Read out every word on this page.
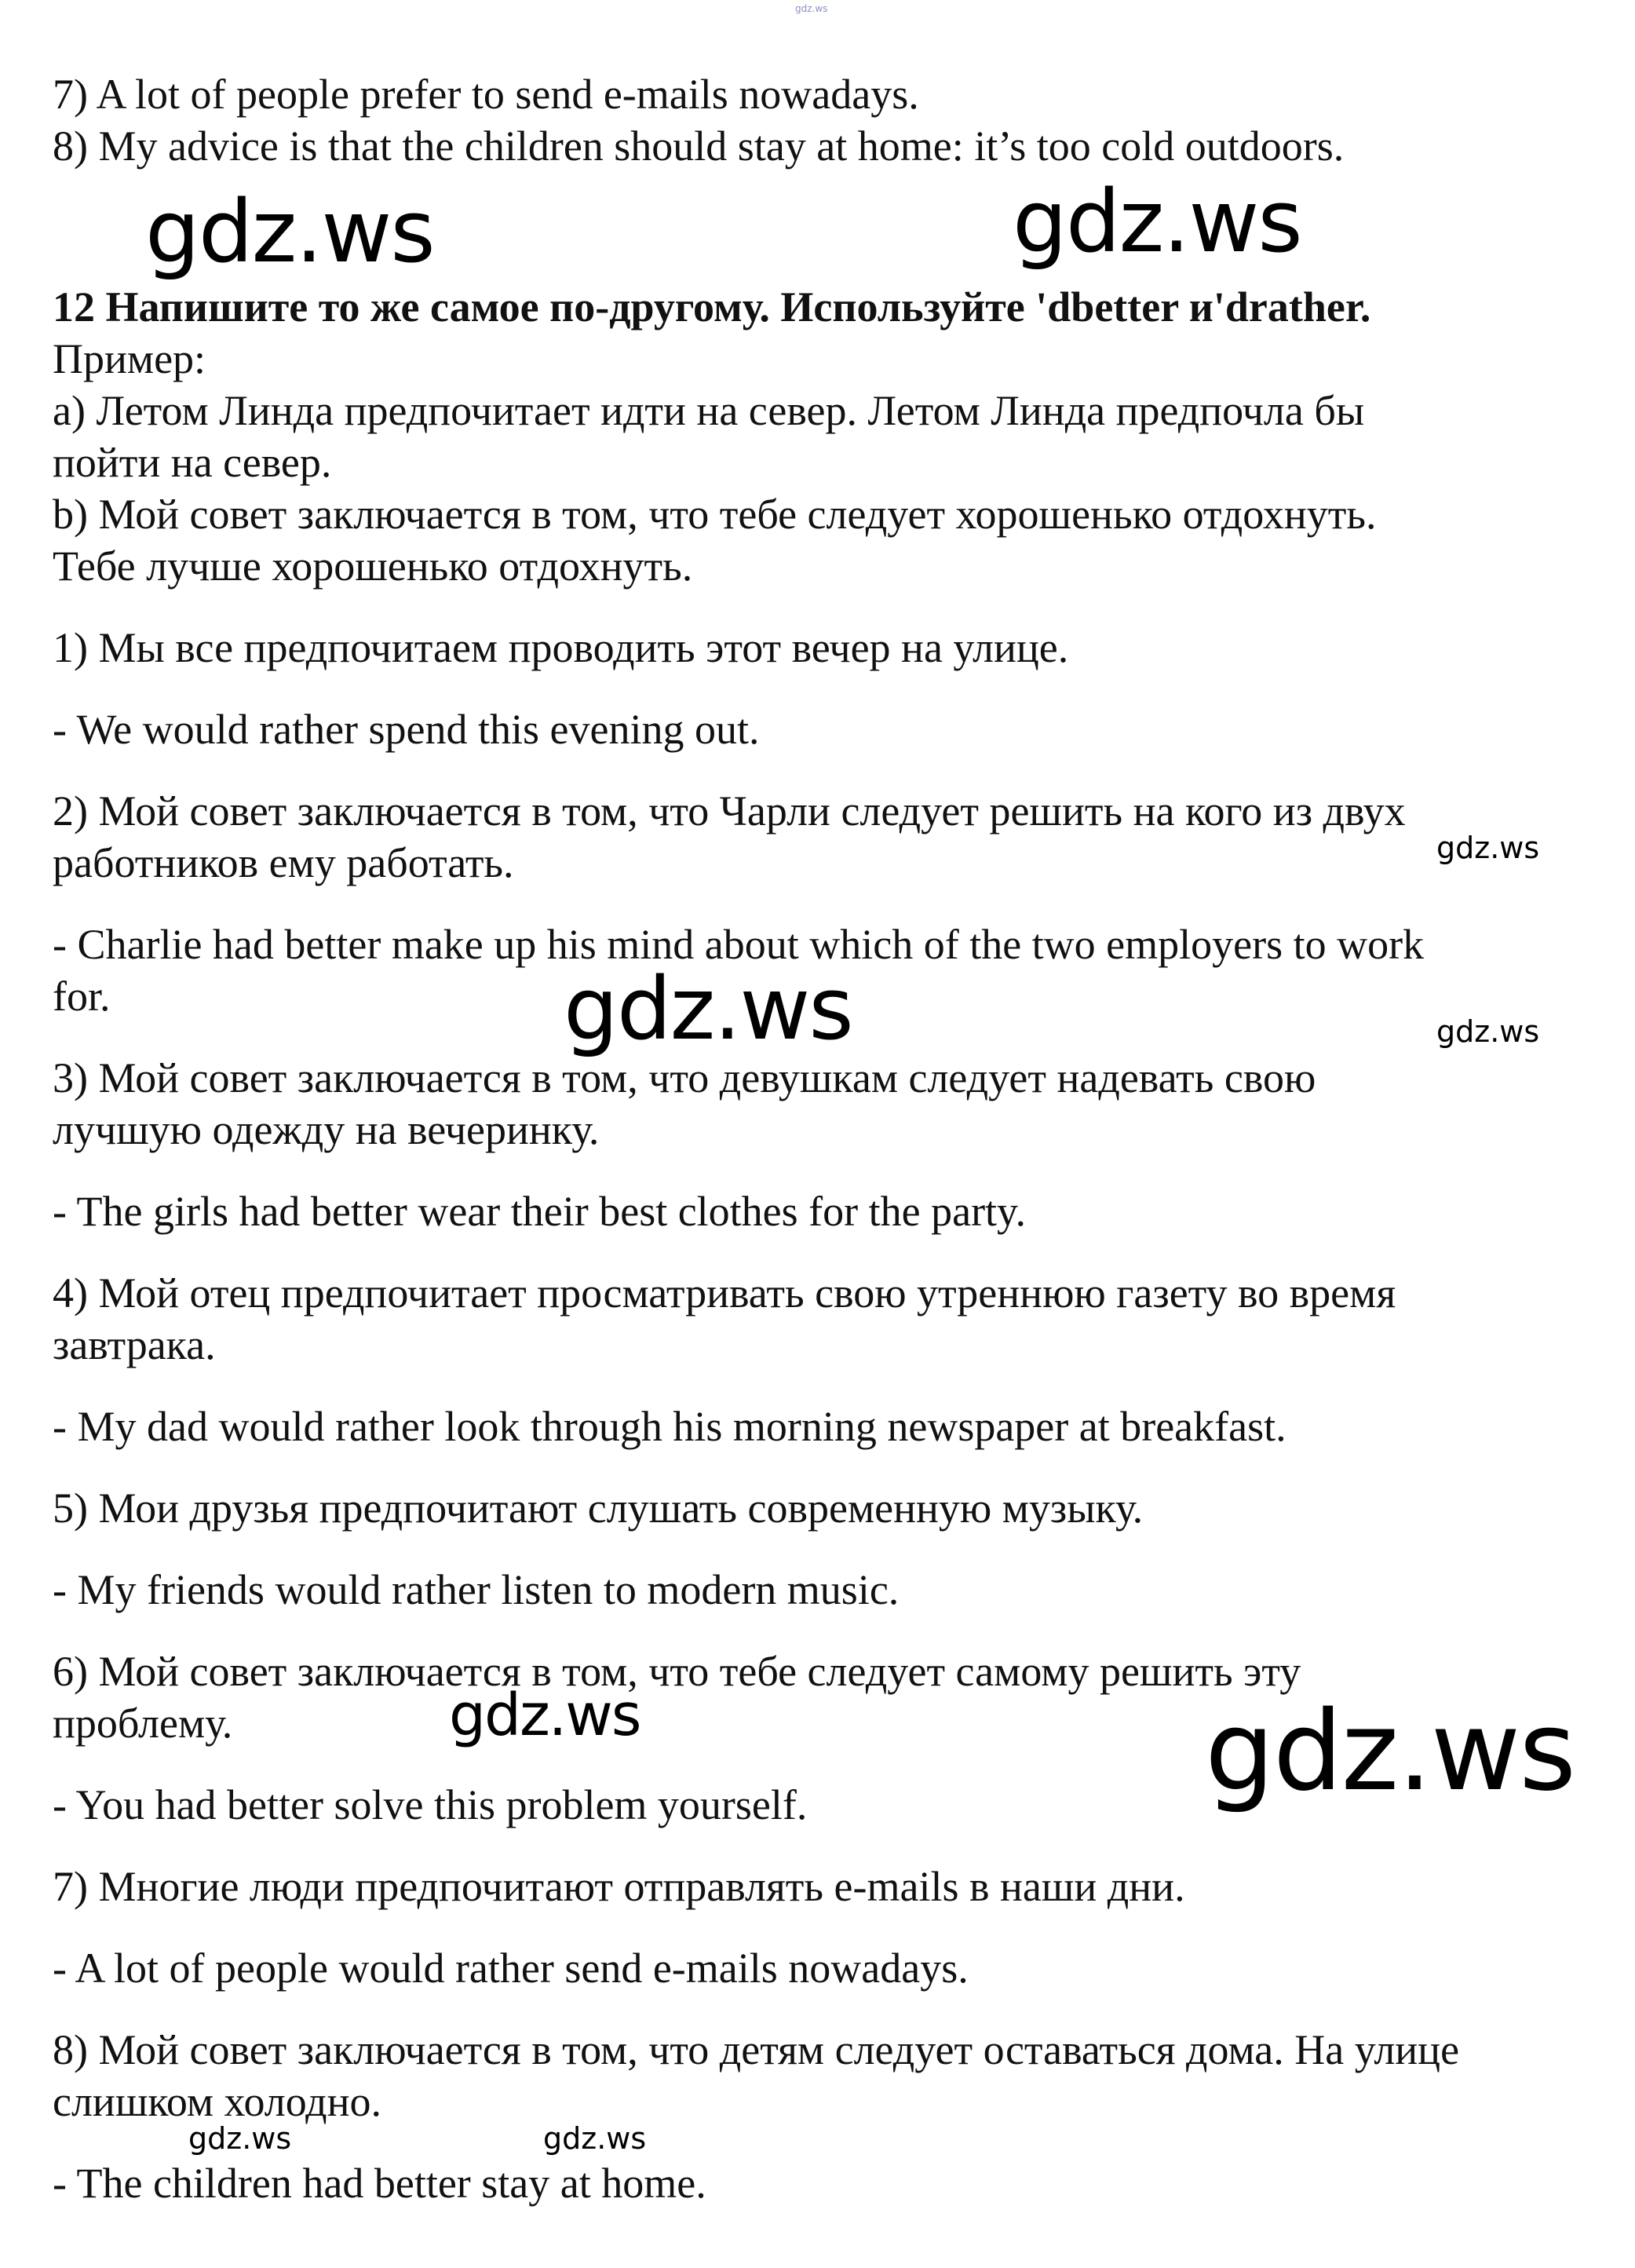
gdz.ws

7) A lot of people prefer to send e-mails nowadays.

8) My advice is that the children should stay at home: it’s too cold outdoors.

12 Напишите то же самое по-другому. Используйте 'dbetter и'drather.

Пример:

a) Летом Линда предпочитает идти на север. Летом Линда предпочла бы

пойти на север.

b) Мой совет заключается в том, что тебе следует хорошенько отдохнуть.

Тебе лучше хорошенько отдохнуть.

1) Мы все предпочитаем проводить этот вечер на улице.

- We would rather spend this evening out.

2) Мой совет заключается в том, что Чарли следует решить на кого из двух

работников ему работать.

- Charlie had better make up his mind about which of the two employers to work

for.

3) Мой совет заключается в том, что девушкам следует надевать свою

лучшую одежду на вечеринку.

- The girls had better wear their best clothes for the party.

4) Мой отец предпочитает просматривать свою утреннюю газету во время

завтрака.

- My dad would rather look through his morning newspaper at breakfast.

5) Мои друзья предпочитают слушать современную музыку.

- My friends would rather listen to modern music.

6) Мой совет заключается в том, что тебе следует самому решить эту

проблему.

- You had better solve this problem yourself.

7) Многие люди предпочитают отправлять e-mails в наши дни.

- A lot of people would rather send e-mails nowadays.

8) Мой совет заключается в том, что детям следует оставаться дома. На улице

слишком холодно.

- The children had better stay at home.

gdz.ws	gdz.ws

gdz.ws

gdz.ws	gdz.ws

gdz.ws	gdz.ws

gdz.ws	gdz.ws
